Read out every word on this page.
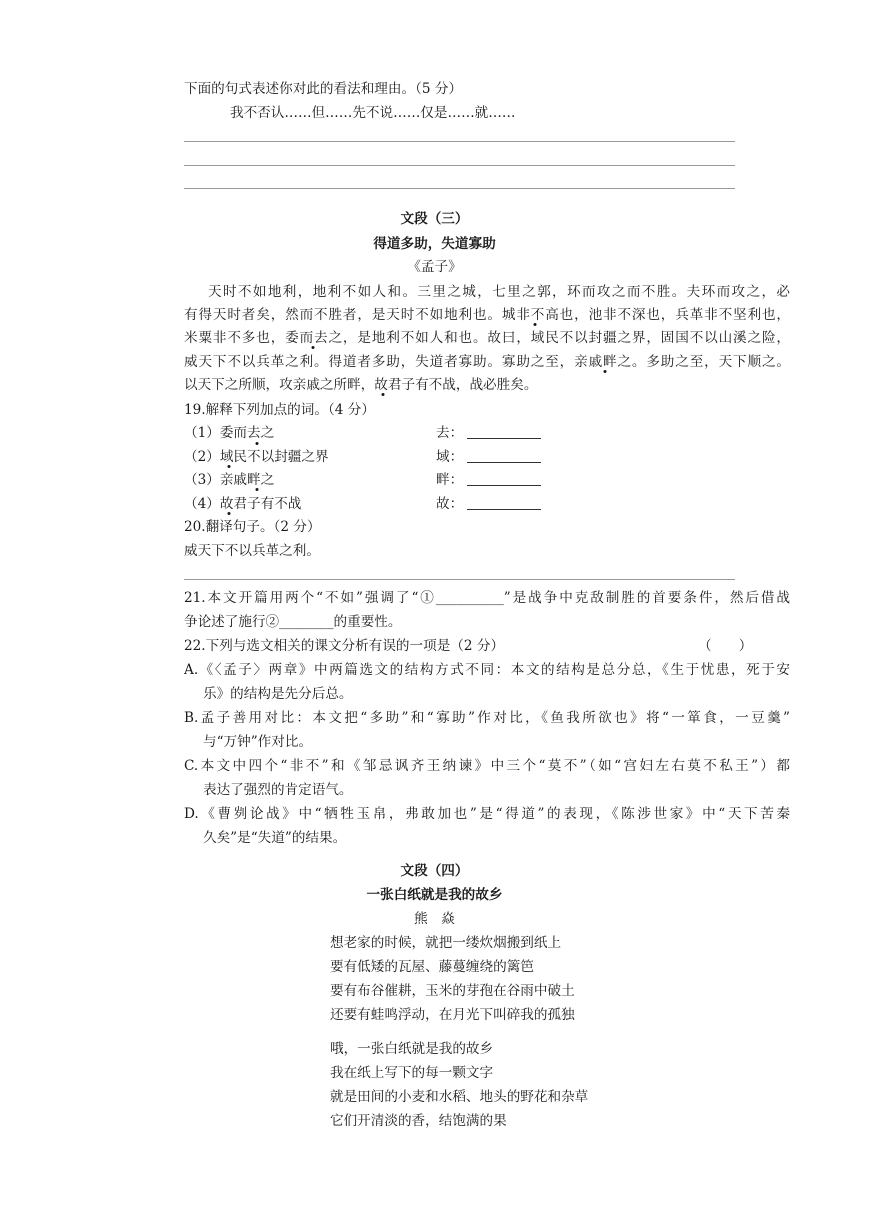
下面的句式表述你对此的看法和理由。（5 分）
我不否认……但……先不说……仅是……就……
文段（三）
得道多助，失道寡助
《孟子》
天时不如地利，地利不如人和。三里之城，七里之郭，环而攻之而不胜。夫环而攻之，必
有得天时者矣，然而不胜者，是天时不如地利也。城非不高也，池非不深也，兵革非不坚利也，
米粟非不多也，委而去之，是地利不如人和也。故曰，域民不以封疆之界，固国不以山溪之险，
威天下不以兵革之利。得道者多助，失道者寡助。寡助之至，亲戚畔之。多助之至，天下顺之。
以天下之所顺，攻亲戚之所畔，故君子有不战，战必胜矣。
19.解释下列加点的词。（4 分）
（1）委而去之	去：
（2）域民不以封疆之界	域：
（3）亲戚畔之	畔：
（4）故君子有不战	故：
20.翻译句子。（2 分）
威天下不以兵革之利。
21.本文开篇用两个“不如”强调了“①__________”是战争中克敌制胜的首要条件，然后借战
争论述了施行②________的重要性。
22.下列与选文相关的课文分析有误的一项是（2 分）	（　　）
A.《〈孟子〉两章》中两篇选文的结构方式不同：本文的结构是总分总，《生于忧患，死于安
乐》的结构是先分后总。
B.孟子善用对比：本文把“多助”和“寡助”作对比，《鱼我所欲也》将“一箪食，一豆羹”
与“万钟”作对比。
C.本文中四个“非不”和《邹忌讽齐王纳谏》中三个“莫不”（如“宫妇左右莫不私王”）都
表达了强烈的肯定语气。
D.《曹刿论战》中“牺牲玉帛，弗敢加也”是“得道”的表现，《陈涉世家》中“天下苦秦
久矣”是“失道”的结果。
文段（四）
一张白纸就是我的故乡
熊　焱
想老家的时候，就把一缕炊烟搬到纸上
要有低矮的瓦屋、藤蔓缠绕的篱笆
要有布谷催耕，玉米的芽孢在谷雨中破土
还要有蛙鸣浮动，在月光下叫碎我的孤独
哦，一张白纸就是我的故乡
我在纸上写下的每一颗文字
就是田间的小麦和水稻、地头的野花和杂草
它们开清淡的香，结饱满的果
